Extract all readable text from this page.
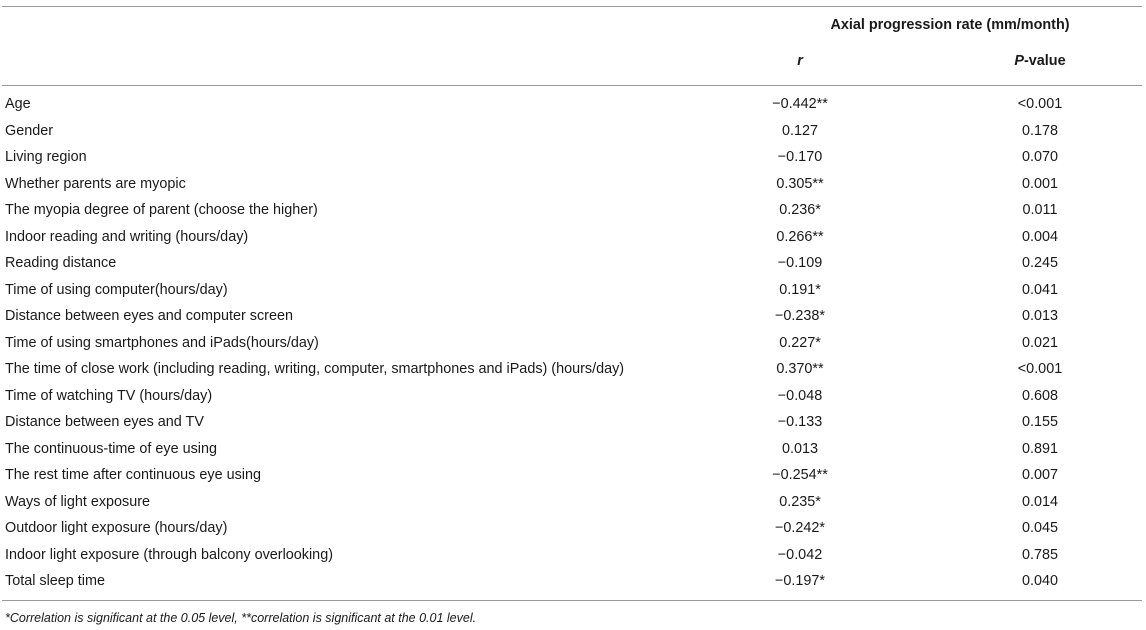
Axial progression rate (mm/month)
r	P-value
Age	−0.442**	<0.001
Gender	0.127	0.178
Living region	−0.170	0.070
Whether parents are myopic	0.305**	0.001
The myopia degree of parent (choose the higher)	0.236*	0.011
Indoor reading and writing (hours/day)	0.266**	0.004
Reading distance	−0.109	0.245
Time of using computer(hours/day)	0.191*	0.041
Distance between eyes and computer screen	−0.238*	0.013
Time of using smartphones and iPads(hours/day)	0.227*	0.021
The time of close work (including reading, writing, computer, smartphones and iPads) (hours/day)	0.370**	<0.001
Time of watching TV (hours/day)	−0.048	0.608
Distance between eyes and TV	−0.133	0.155
The continuous-time of eye using	0.013	0.891
The rest time after continuous eye using	−0.254**	0.007
Ways of light exposure	0.235*	0.014
Outdoor light exposure (hours/day)	−0.242*	0.045
Indoor light exposure (through balcony overlooking)	−0.042	0.785
Total sleep time	−0.197*	0.040
*Correlation is significant at the 0.05 level, **correlation is significant at the 0.01 level.
